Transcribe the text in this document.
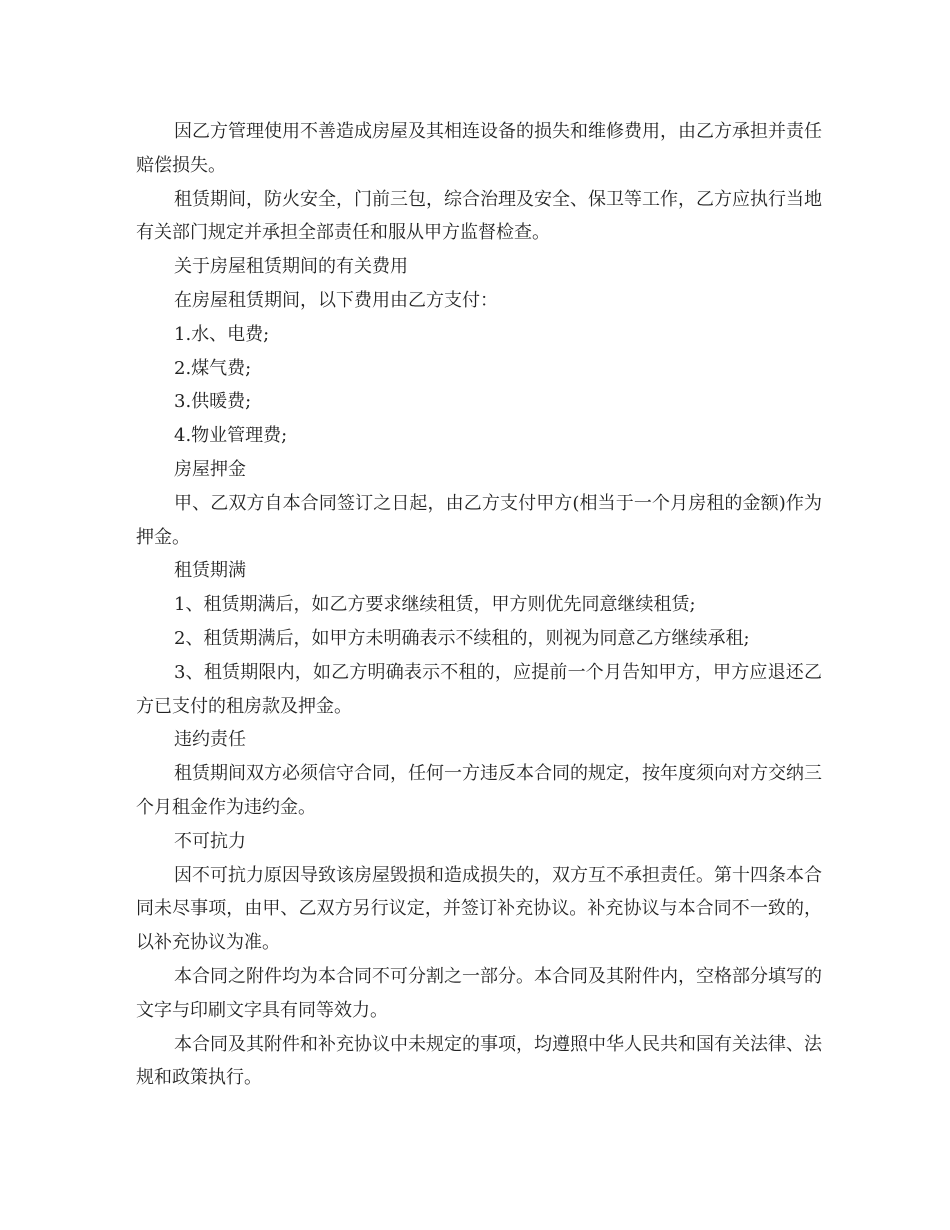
因乙方管理使用不善造成房屋及其相连设备的损失和维修费用，由乙方承担并责任赔偿损失。

租赁期间，防火安全，门前三包，综合治理及安全、保卫等工作，乙方应执行当地有关部门规定并承担全部责任和服从甲方监督检查。

关于房屋租赁期间的有关费用

在房屋租赁期间，以下费用由乙方支付：

1.水、电费;

2.煤气费;

3.供暖费;

4.物业管理费;

房屋押金

甲、乙双方自本合同签订之日起，由乙方支付甲方(相当于一个月房租的金额)作为押金。

租赁期满

1、租赁期满后，如乙方要求继续租赁，甲方则优先同意继续租赁;

2、租赁期满后，如甲方未明确表示不续租的，则视为同意乙方继续承租;

3、租赁期限内，如乙方明确表示不租的，应提前一个月告知甲方，甲方应退还乙方已支付的租房款及押金。

违约责任

租赁期间双方必须信守合同，任何一方违反本合同的规定，按年度须向对方交纳三个月租金作为违约金。

不可抗力

因不可抗力原因导致该房屋毁损和造成损失的，双方互不承担责任。第十四条本合同未尽事项，由甲、乙双方另行议定，并签订补充协议。补充协议与本合同不一致的，以补充协议为准。

本合同之附件均为本合同不可分割之一部分。本合同及其附件内，空格部分填写的文字与印刷文字具有同等效力。

本合同及其附件和补充协议中未规定的事项，均遵照中华人民共和国有关法律、法规和政策执行。
